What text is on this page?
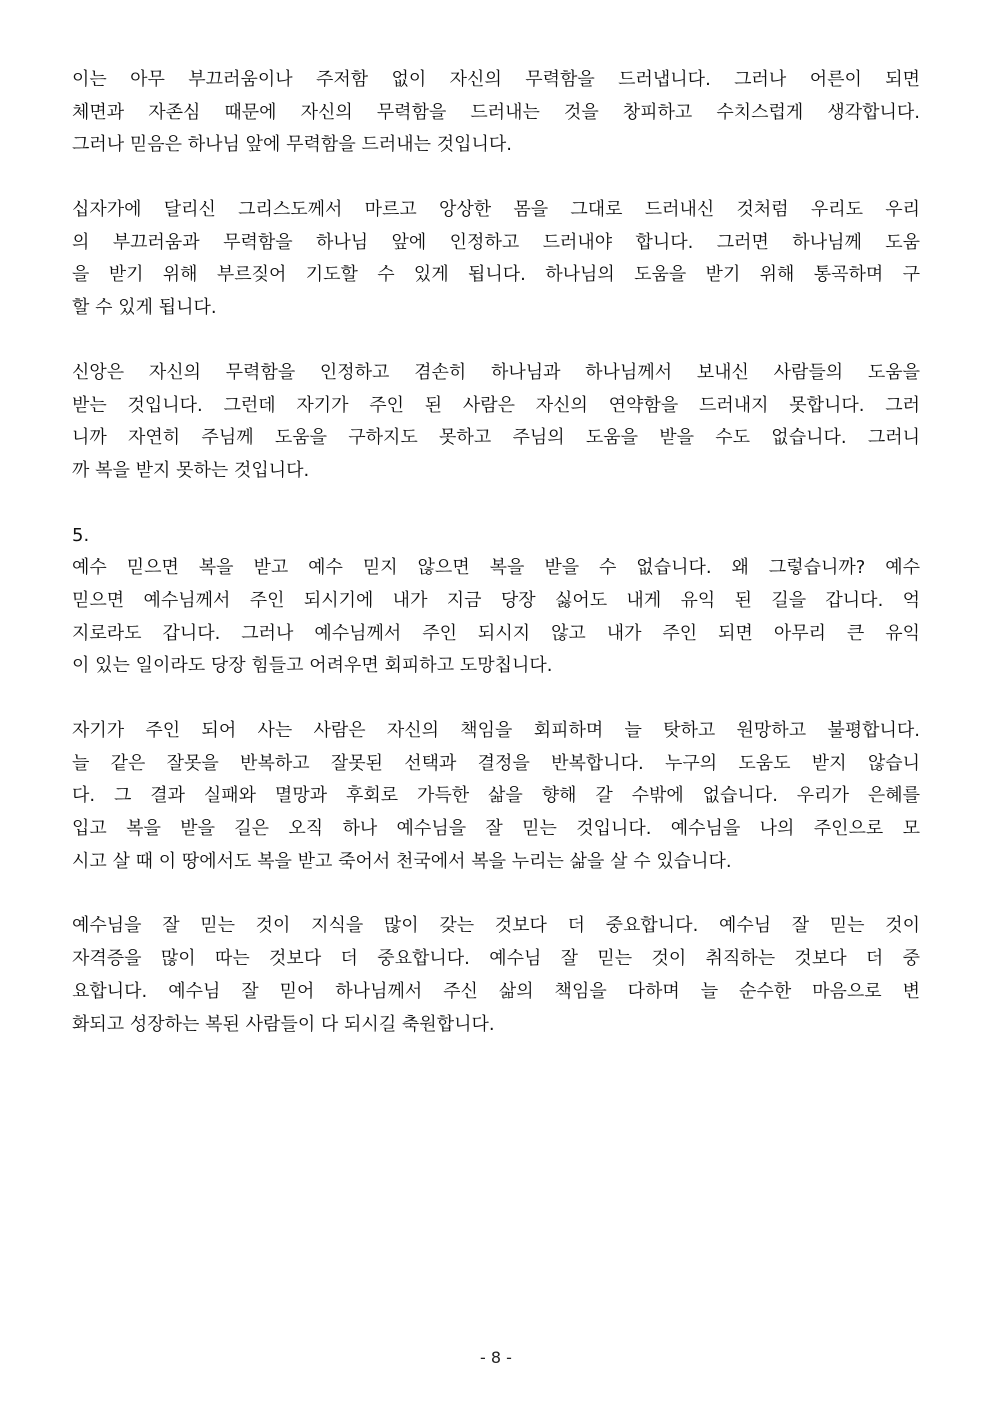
이는 아무 부끄러움이나 주저함 없이 자신의 무력함을 드러냅니다. 그러나 어른이 되면
체면과 자존심 때문에 자신의 무력함을 드러내는 것을 창피하고 수치스럽게 생각합니다.
그러나 믿음은 하나님 앞에 무력함을 드러내는 것입니다.
십자가에 달리신 그리스도께서 마르고 앙상한 몸을 그대로 드러내신 것처럼 우리도 우리
의 부끄러움과 무력함을 하나님 앞에 인정하고 드러내야 합니다. 그러면 하나님께 도움
을 받기 위해 부르짖어 기도할 수 있게 됩니다. 하나님의 도움을 받기 위해 통곡하며 구
할 수 있게 됩니다.
신앙은 자신의 무력함을 인정하고 겸손히 하나님과 하나님께서 보내신 사람들의 도움을
받는 것입니다. 그런데 자기가 주인 된 사람은 자신의 연약함을 드러내지 못합니다. 그러
니까 자연히 주님께 도움을 구하지도 못하고 주님의 도움을 받을 수도 없습니다. 그러니
까 복을 받지 못하는 것입니다.
5.
예수 믿으면 복을 받고 예수 믿지 않으면 복을 받을 수 없습니다. 왜 그렇습니까? 예수
믿으면 예수님께서 주인 되시기에 내가 지금 당장 싫어도 내게 유익 된 길을 갑니다. 억
지로라도 갑니다. 그러나 예수님께서 주인 되시지 않고 내가 주인 되면 아무리 큰 유익
이 있는 일이라도 당장 힘들고 어려우면 회피하고 도망칩니다.
자기가 주인 되어 사는 사람은 자신의 책임을 회피하며 늘 탓하고 원망하고 불평합니다.
늘 같은 잘못을 반복하고 잘못된 선택과 결정을 반복합니다. 누구의 도움도 받지 않습니
다. 그 결과 실패와 멸망과 후회로 가득한 삶을 향해 갈 수밖에 없습니다. 우리가 은혜를
입고 복을 받을 길은 오직 하나 예수님을 잘 믿는 것입니다. 예수님을 나의 주인으로 모
시고 살 때 이 땅에서도 복을 받고 죽어서 천국에서 복을 누리는 삶을 살 수 있습니다.
예수님을 잘 믿는 것이 지식을 많이 갖는 것보다 더 중요합니다. 예수님 잘 믿는 것이
자격증을 많이 따는 것보다 더 중요합니다. 예수님 잘 믿는 것이 취직하는 것보다 더 중
요합니다. 예수님 잘 믿어 하나님께서 주신 삶의 책임을 다하며 늘 순수한 마음으로 변
화되고 성장하는 복된 사람들이 다 되시길 축원합니다.
- 8 -
